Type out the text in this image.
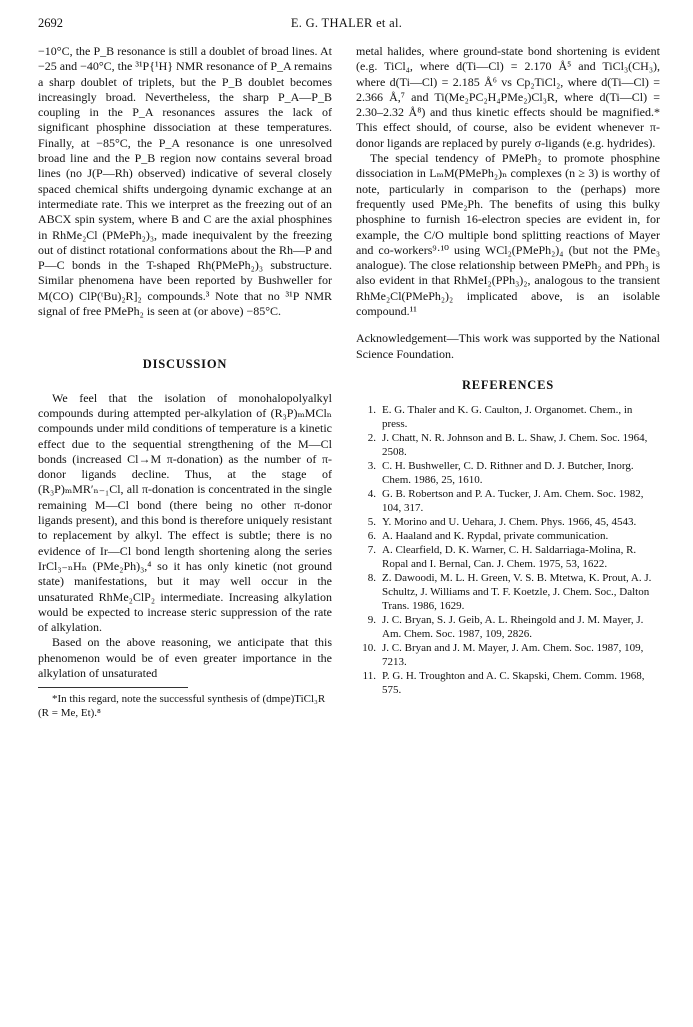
2692	E. G. THALER et al.

−10°C, the P_B resonance is still a doublet of broad lines. At −25 and −40°C, the ³¹P{¹H} NMR resonance of P_A remains a sharp doublet of triplets, but the P_B doublet becomes increasingly broad. Nevertheless, the sharp P_A—P_B coupling in the P_A resonances assures the lack of significant phosphine dissociation at these temperatures. Finally, at −85°C, the P_A resonance is one unresolved broad line and the P_B region now contains several broad lines (no J(P—Rh) observed) indicative of several closely spaced chemical shifts undergoing dynamic exchange at an intermediate rate. This we interpret as the freezing out of an ABCX spin system, where B and C are the axial phosphines in RhMe₂Cl (PMePh₂)₃, made inequivalent by the freezing out of distinct rotational conformations about the Rh—P and P—C bonds in the T-shaped Rh(PMePh₂)₃ substructure. Similar phenomena have been reported by Bushweller for M(CO) ClP(ᵗBu)₂R]₂ compounds.³ Note that no ³¹P NMR signal of free PMePh₂ is seen at (or above) −85°C.

DISCUSSION

We feel that the isolation of monohalopolyalkyl compounds during attempted per-alkylation of (R₃P)ₘMClₙ compounds under mild conditions of temperature is a kinetic effect due to the sequential strengthening of the M—Cl bonds (increased Cl→M π-donation) as the number of π-donor ligands decline. Thus, at the stage of (R₃P)ₘMR′ₙ₋₁Cl, all π-donation is concentrated in the single remaining M—Cl bond (there being no other π-donor ligands present), and this bond is therefore uniquely resistant to replacement by alkyl. The effect is subtle; there is no evidence of Ir—Cl bond length shortening along the series IrCl₃₋ₙHₙ (PMe₂Ph)₃,⁴ so it has only kinetic (not ground state) manifestations, but it may well occur in the unsaturated RhMe₂ClP₂ intermediate. Increasing alkylation would be expected to increase steric suppression of the rate of alkylation.

Based on the above reasoning, we anticipate that this phenomenon would be of even greater importance in the alkylation of unsaturated

*In this regard, note the successful synthesis of (dmpe)TiCl₃R (R = Me, Et).⁸

metal halides, where ground-state bond shortening is evident (e.g. TiCl₄, where d(Ti—Cl) = 2.170 Å⁵ and TiCl₃(CH₃), where d(Ti—Cl) = 2.185 Å⁶ vs Cp₂TiCl₂, where d(Ti—Cl) = 2.366 Å,⁷ and Ti(Me₂PC₂H₄PMe₂)Cl₃R, where d(Ti—Cl) = 2.30–2.32 Å⁸) and thus kinetic effects should be magnified.* This effect should, of course, also be evident whenever π-donor ligands are replaced by purely σ-ligands (e.g. hydrides).

The special tendency of PMePh₂ to promote phosphine dissociation in LₘM(PMePh₂)ₙ complexes (n ≥ 3) is worthy of note, particularly in comparison to the (perhaps) more frequently used PMe₂Ph. The benefits of using this bulky phosphine to furnish 16-electron species are evident in, for example, the C/O multiple bond splitting reactions of Mayer and co-workers⁹·¹⁰ using WCl₂(PMePh₂)₄ (but not the PMe₃ analogue). The close relationship between PMePh₂ and PPh₃ is also evident in that RhMeI₂(PPh₃)₂, analogous to the transient RhMe₂Cl(PMePh₂)₂ implicated above, is an isolable compound.¹¹

Acknowledgement—This work was supported by the National Science Foundation.

REFERENCES

1. E. G. Thaler and K. G. Caulton, J. Organomet. Chem., in press.
2. J. Chatt, N. R. Johnson and B. L. Shaw, J. Chem. Soc. 1964, 2508.
3. C. H. Bushweller, C. D. Rithner and D. J. Butcher, Inorg. Chem. 1986, 25, 1610.
4. G. B. Robertson and P. A. Tucker, J. Am. Chem. Soc. 1982, 104, 317.
5. Y. Morino and U. Uehara, J. Chem. Phys. 1966, 45, 4543.
6. A. Haaland and K. Rypdal, private communication.
7. A. Clearfield, D. K. Warner, C. H. Saldarriaga-Molina, R. Ropal and I. Bernal, Can. J. Chem. 1975, 53, 1622.
8. Z. Dawoodi, M. L. H. Green, V. S. B. Mtetwa, K. Prout, A. J. Schultz, J. Williams and T. F. Koetzle, J. Chem. Soc., Dalton Trans. 1986, 1629.
9. J. C. Bryan, S. J. Geib, A. L. Rheingold and J. M. Mayer, J. Am. Chem. Soc. 1987, 109, 2826.
10. J. C. Bryan and J. M. Mayer, J. Am. Chem. Soc. 1987, 109, 7213.
11. P. G. H. Troughton and A. C. Skapski, Chem. Comm. 1968, 575.
